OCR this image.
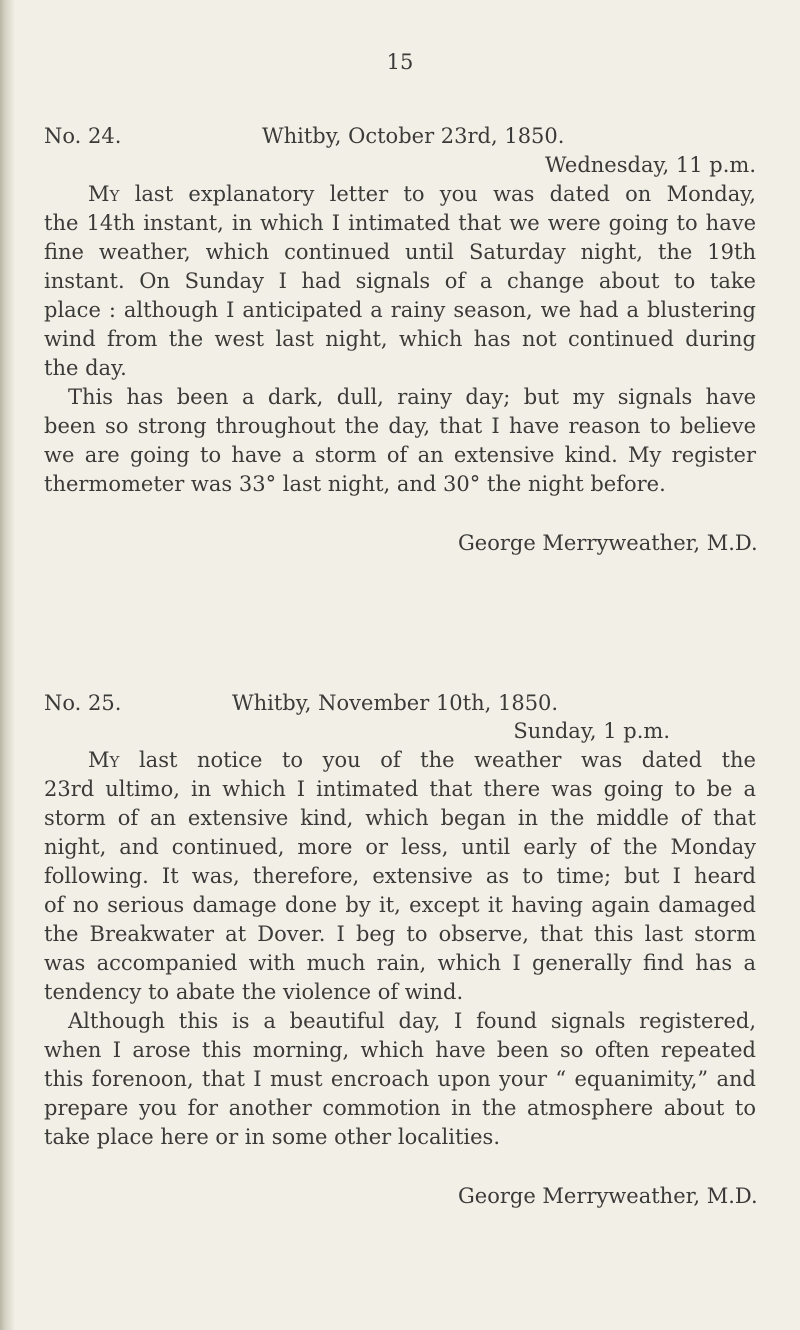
15
No. 24.	Whitby, October 23rd, 1850.
Wednesday, 11 p.m.
My last explanatory letter to you was dated on Monday,
the 14th instant, in which I intimated that we were going to have
fine weather, which continued until Saturday night, the 19th
instant. On Sunday I had signals of a change about to take
place : although I anticipated a rainy season, we had a blustering
wind from the west last night, which has not continued during
the day.
This has been a dark, dull, rainy day; but my signals have
been so strong throughout the day, that I have reason to believe
we are going to have a storm of an extensive kind. My register
thermometer was 33° last night, and 30° the night before.
George Merryweather, M.D.
No. 25.	Whitby, November 10th, 1850.
Sunday, 1 p.m.
My last notice to you of the weather was dated the
23rd ultimo, in which I intimated that there was going to be a
storm of an extensive kind, which began in the middle of that
night, and continued, more or less, until early of the Monday
following. It was, therefore, extensive as to time; but I heard
of no serious damage done by it, except it having again damaged
the Breakwater at Dover. I beg to observe, that this last storm
was accompanied with much rain, which I generally find has a
tendency to abate the violence of wind.
Although this is a beautiful day, I found signals registered,
when I arose this morning, which have been so often repeated
this forenoon, that I must encroach upon your “ equanimity,” and
prepare you for another commotion in the atmosphere about to
take place here or in some other localities.
George Merryweather, M.D.
